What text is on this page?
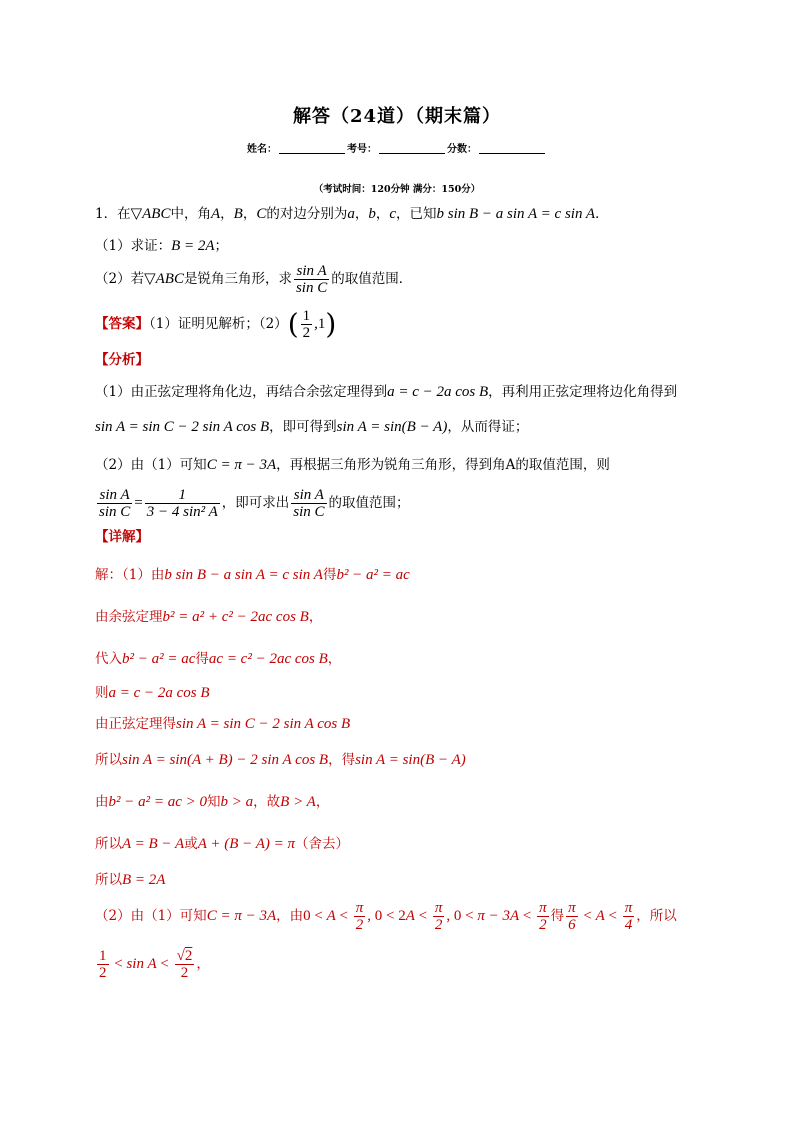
解答（24道）（期末篇）
姓名：	考号：	分数：
（考试时间：120分钟 满分：150分）
1．在▽ABC中，角A，B，C的对边分别为a，b，c，已知b sin B − a sin A = c sin A．
（1）求证：B = 2A；
（2）若▽ABC是锐角三角形，求 $\frac{\text{sin A}}{\text{sin C}}$ 的取值范围．
【答案】（1）证明见解析；$(2)( \frac{1}{2} ,1)$
【分析】
（1）由正弦定理将角化边，再结合余弦定理得到a = c − 2a cos B，再利用正弦定理将边化角得到
sin A = sin C − 2 sin A cos B，即可得到sin A = sin(B − A)，从而得证；
（2）由（1）可知C = π − 3A，再根据三角形为锐角三角形，得到角A的取值范围，则
$\frac{\text{sin A}}{\text{sin C}} = \frac{1}{\text{3 − 4 sin² A}}$ ，即可求出 $\frac{\text{sin A}}{\text{sin C}}$ 的取值范围；
【详解】
解：（1）由b sin B − a sin A = c sin A得b² − a² = ac
由余弦定理b² = a² + c² − 2ac cos B，
代入b² − a² = ac得ac = c² − 2ac cos B，
则a = c − 2a cos B
由正弦定理得sin A = sin C − 2 sin A cos B
所以sin A = sin(A + B) − 2 sin A cos B，得sin A = sin(B − A)
由b² − a² = ac > 0知b > a，故B > A，
所以A = B − A或A + (B − A) = π（舍去）
所以B = 2A
（2）由（1）可知C = π − 3A，由$0 < A < \frac{\pi}{2}$ , $0 < 2A < \frac{\pi}{2}$ , $0 < \pi - 3A < \frac{\pi}{2}$ 得 $\frac{\pi}{6} < A < \frac{\pi}{4}$ ，所以
$\frac{1}{2} < \sin A < \frac{√2}{2}$ ，
